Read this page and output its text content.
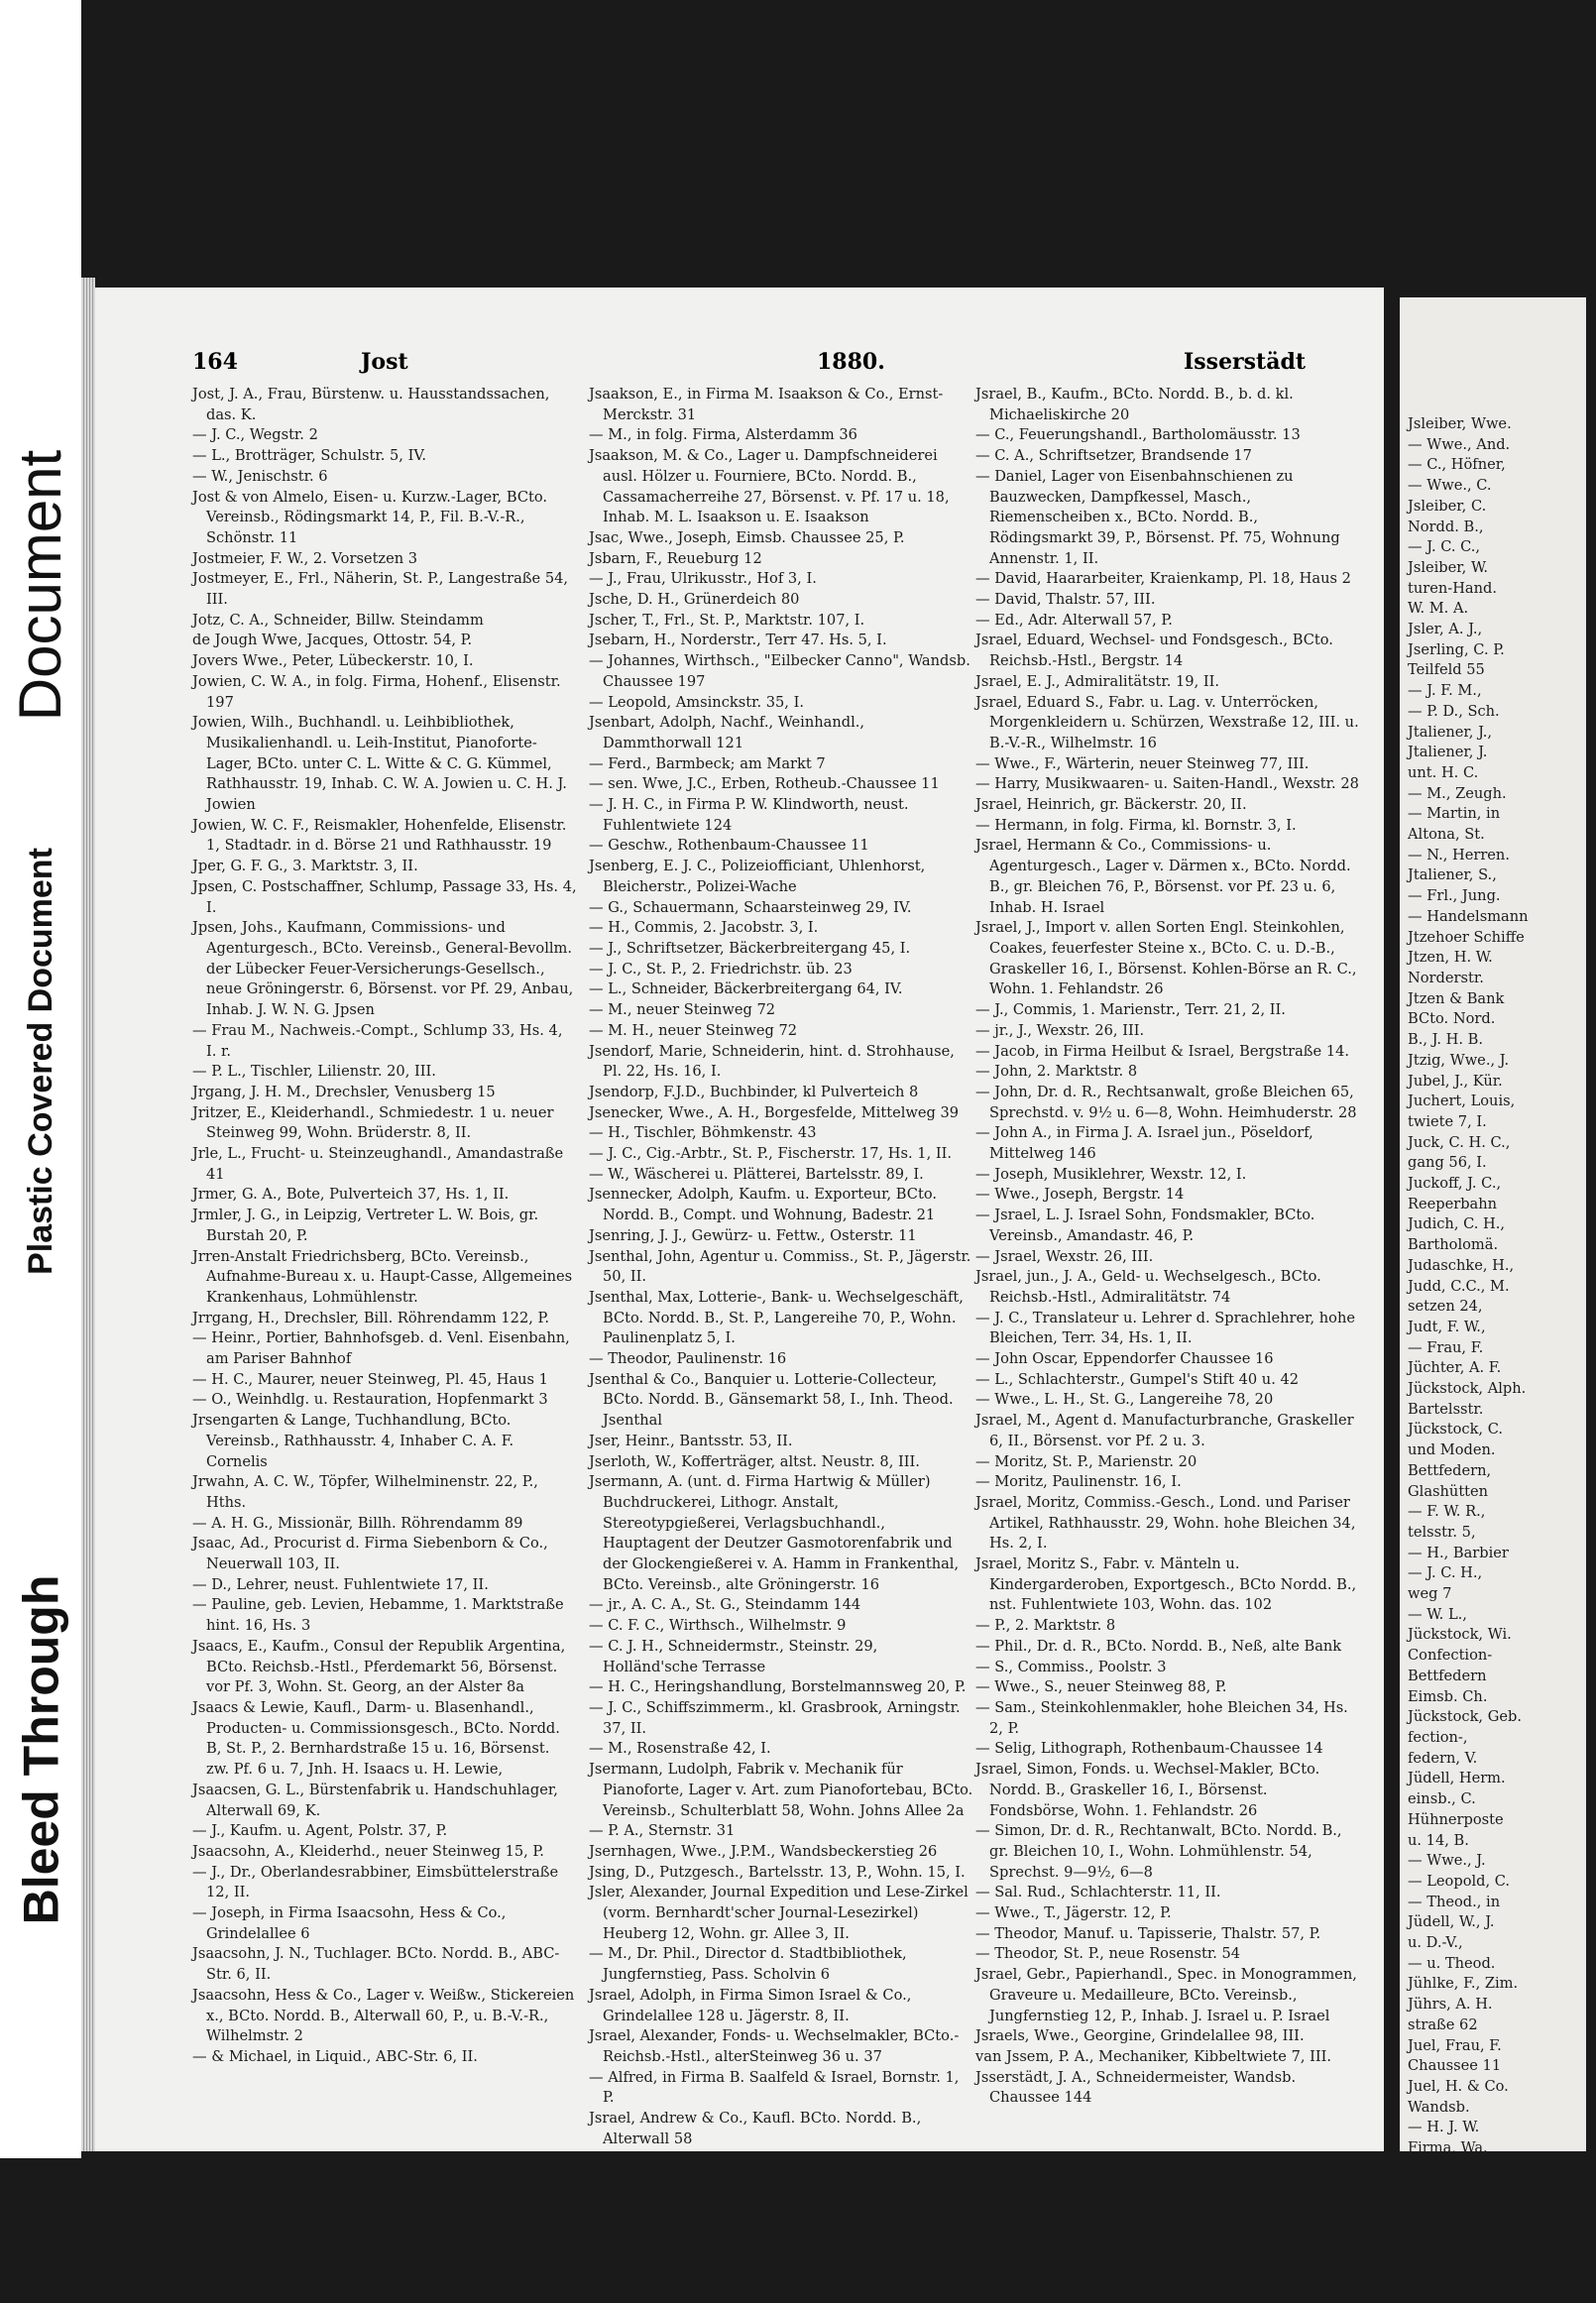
Bleed Through
Plastic Covered Document
Document
164	Jost	1880.	Isserstädt

Jost, J. A., Frau, Bürstenw. u. Hausstandssachen, das. K.

— J. C., Wegstr. 2

— L., Brotträger, Schulstr. 5, IV.

— W., Jenischstr. 6

Jost & von Almelo, Eisen- u. Kurzw.-Lager, BCto. Vereinsb., Rödingsmarkt 14, P., Fil. B.-V.-R., Schönstr. 11

Jostmeier, F. W., 2. Vorsetzen 3

Jostmeyer, E., Frl., Näherin, St. P., Langestraße 54, III.

Jotz, C. A., Schneider, Billw. Steindamm

de Jough Wwe, Jacques, Ottostr. 54, P.

Jovers Wwe., Peter, Lübeckerstr. 10, I.

Jowien, C. W. A., in folg. Firma, Hohenf., Elisenstr. 197

Jowien, Wilh., Buchhandl. u. Leihbibliothek, Musikalienhandl. u. Leih-Institut, Pianoforte-Lager, BCto. unter C. L. Witte & C. G. Kümmel, Rathhausstr. 19, Inhab. C. W. A. Jowien u. C. H. J. Jowien

Jowien, W. C. F., Reismakler, Hohenfelde, Elisenstr. 1, Stadtadr. in d. Börse 21 und Rathhausstr. 19

Jper, G. F. G., 3. Marktstr. 3, II.

Jpsen, C. Postschaffner, Schlump, Passage 33, Hs. 4, I.

Jpsen, Johs., Kaufmann, Commissions- und Agenturgesch., BCto. Vereinsb., General-Bevollm. der Lübecker Feuer-Versicherungs-Gesellsch., neue Gröningerstr. 6, Börsenst. vor Pf. 29, Anbau, Inhab. J. W. N. G. Jpsen

— Frau M., Nachweis.-Compt., Schlump 33, Hs. 4, I. r.

— P. L., Tischler, Lilienstr. 20, III.

Jrgang, J. H. M., Drechsler, Venusberg 15

Jritzer, E., Kleiderhandl., Schmiedestr. 1 u. neuer Steinweg 99, Wohn. Brüderstr. 8, II.

Jrle, L., Frucht- u. Steinzeughandl., Amandastraße 41

Jrmer, G. A., Bote, Pulverteich 37, Hs. 1, II.

Jrmler, J. G., in Leipzig, Vertreter L. W. Bois, gr. Burstah 20, P.

Jrren-Anstalt Friedrichsberg, BCto. Vereinsb., Aufnahme-Bureau x. u. Haupt-Casse, Allgemeines Krankenhaus, Lohmühlenstr.

Jrrgang, H., Drechsler, Bill. Röhrendamm 122, P.

— Heinr., Portier, Bahnhofsgeb. d. Venl. Eisenbahn, am Pariser Bahnhof

— H. C., Maurer, neuer Steinweg, Pl. 45, Haus 1

— O., Weinhdlg. u. Restauration, Hopfenmarkt 3

Jrsengarten & Lange, Tuchhandlung, BCto. Vereinsb., Rathhausstr. 4, Inhaber C. A. F. Cornelis

Jrwahn, A. C. W., Töpfer, Wilhelminenstr. 22, P., Hths.

— A. H. G., Missionär, Billh. Röhrendamm 89

Jsaac, Ad., Procurist d. Firma Siebenborn & Co., Neuerwall 103, II.

— D., Lehrer, neust. Fuhlentwiete 17, II.

— Pauline, geb. Levien, Hebamme, 1. Marktstraße hint. 16, Hs. 3

Jsaacs, E., Kaufm., Consul der Republik Argentina, BCto. Reichsb.-Hstl., Pferdemarkt 56, Börsenst. vor Pf. 3, Wohn. St. Georg, an der Alster 8a

Jsaacs & Lewie, Kaufl., Darm- u. Blasenhandl., Producten- u. Commissionsgesch., BCto. Nordd. B, St. P., 2. Bernhardstraße 15 u. 16, Börsenst. zw. Pf. 6 u. 7, Jnh. H. Isaacs u. H. Lewie,

Jsaacsen, G. L., Bürstenfabrik u. Handschuhlager, Alterwall 69, K.

— J., Kaufm. u. Agent, Polstr. 37, P.

Jsaacsohn, A., Kleiderhd., neuer Steinweg 15, P.

— J., Dr., Oberlandesrabbiner, Eimsbüttelerstraße 12, II.

— Joseph, in Firma Isaacsohn, Hess & Co., Grindelallee 6

Jsaacsohn, J. N., Tuchlager. BCto. Nordd. B., ABC-Str. 6, II.

Jsaacsohn, Hess & Co., Lager v. Weißw., Stickereien x., BCto. Nordd. B., Alterwall 60, P., u. B.-V.-R., Wilhelmstr. 2

— & Michael, in Liquid., ABC-Str. 6, II.

Jsaakson, E., in Firma M. Isaakson & Co., Ernst-Merckstr. 31

— M., in folg. Firma, Alsterdamm 36

Jsaakson, M. & Co., Lager u. Dampfschneiderei ausl. Hölzer u. Fourniere, BCto. Nordd. B., Cassamacherreihe 27, Börsenst. v. Pf. 17 u. 18, Inhab. M. L. Isaakson u. E. Isaakson

Jsac, Wwe., Joseph, Eimsb. Chaussee 25, P.

Jsbarn, F., Reueburg 12

— J., Frau, Ulrikusstr., Hof 3, I.

Jsche, D. H., Grünerdeich 80

Jscher, T., Frl., St. P., Marktstr. 107, I.

Jsebarn, H., Norderstr., Terr 47. Hs. 5, I.

— Johannes, Wirthsch., "Eilbecker Canno", Wandsb. Chaussee 197

— Leopold, Amsinckstr. 35, I.

Jsenbart, Adolph, Nachf., Weinhandl., Dammthorwall 121

— Ferd., Barmbeck; am Markt 7

— sen. Wwe, J.C., Erben, Rotheub.-Chaussee 11

— J. H. C., in Firma P. W. Klindworth, neust. Fuhlentwiete 124

— Geschw., Rothenbaum-Chaussee 11

Jsenberg, E. J. C., Polizeiofficiant, Uhlenhorst, Bleicherstr., Polizei-Wache

— G., Schauermann, Schaarsteinweg 29, IV.

— H., Commis, 2. Jacobstr. 3, I.

— J., Schriftsetzer, Bäckerbreitergang 45, I.

— J. C., St. P., 2. Friedrichstr. üb. 23

— L., Schneider, Bäckerbreitergang 64, IV.

— M., neuer Steinweg 72

— M. H., neuer Steinweg 72

Jsendorf, Marie, Schneiderin, hint. d. Strohhause, Pl. 22, Hs. 16, I.

Jsendorp, F.J.D., Buchbinder, kl Pulverteich 8

Jsenecker, Wwe., A. H., Borgesfelde, Mittelweg 39

— H., Tischler, Böhmkenstr. 43

— J. C., Cig.-Arbtr., St. P., Fischerstr. 17, Hs. 1, II.

— W., Wäscherei u. Plätterei, Bartelsstr. 89, I.

Jsennecker, Adolph, Kaufm. u. Exporteur, BCto. Nordd. B., Compt. und Wohnung, Badestr. 21

Jsenring, J. J., Gewürz- u. Fettw., Osterstr. 11

Jsenthal, John, Agentur u. Commiss., St. P., Jägerstr. 50, II.

Jsenthal, Max, Lotterie-, Bank- u. Wechselgeschäft, BCto. Nordd. B., St. P., Langereihe 70, P., Wohn. Paulinenplatz 5, I.

— Theodor, Paulinenstr. 16

Jsenthal & Co., Banquier u. Lotterie-Collecteur, BCto. Nordd. B., Gänsemarkt 58, I., Inh. Theod. Jsenthal

Jser, Heinr., Bantsstr. 53, II.

Jserloth, W., Kofferträger, altst. Neustr. 8, III.

Jsermann, A. (unt. d. Firma Hartwig & Müller) Buchdruckerei, Lithogr. Anstalt, Stereotypgießerei, Verlagsbuchhandl., Hauptagent der Deutzer Gasmotorenfabrik und der Glockengießerei v. A. Hamm in Frankenthal, BCto. Vereinsb., alte Gröningerstr. 16

— jr., A. C. A., St. G., Steindamm 144

— C. F. C., Wirthsch., Wilhelmstr. 9

— C. J. H., Schneidermstr., Steinstr. 29, Holländ'sche Terrasse

— H. C., Heringshandlung, Borstelmannsweg 20, P.

— J. C., Schiffszimmerm., kl. Grasbrook, Arningstr. 37, II.

— M., Rosenstraße 42, I.

Jsermann, Ludolph, Fabrik v. Mechanik für Pianoforte, Lager v. Art. zum Pianofortebau, BCto. Vereinsb., Schulterblatt 58, Wohn. Johns Allee 2a

— P. A., Sternstr. 31

Jsernhagen, Wwe., J.P.M., Wandsbeckerstieg 26

Jsing, D., Putzgesch., Bartelsstr. 13, P., Wohn. 15, I.

Jsler, Alexander, Journal Expedition und Lese-Zirkel (vorm. Bernhardt'scher Journal-Lesezirkel) Heuberg 12, Wohn. gr. Allee 3, II.

— M., Dr. Phil., Director d. Stadtbibliothek, Jungfernstieg, Pass. Scholvin 6

Jsrael, Adolph, in Firma Simon Israel & Co., Grindelallee 128 u. Jägerstr. 8, II.

Jsrael, Alexander, Fonds- u. Wechselmakler, BCto.-Reichsb.-Hstl., alterSteinweg 36 u. 37

— Alfred, in Firma B. Saalfeld & Israel, Bornstr. 1, P.

Jsrael, Andrew & Co., Kaufl. BCto. Nordd. B., Alterwall 58

Jsrael, B., Kaufm., BCto. Nordd. B., b. d. kl. Michaeliskirche 20

— C., Feuerungshandl., Bartholomäusstr. 13

— C. A., Schriftsetzer, Brandsende 17

— Daniel, Lager von Eisenbahnschienen zu Bauzwecken, Dampfkessel, Masch., Riemenscheiben x., BCto. Nordd. B., Rödingsmarkt 39, P., Börsenst. Pf. 75, Wohnung Annenstr. 1, II.

— David, Haararbeiter, Kraienkamp, Pl. 18, Haus 2

— David, Thalstr. 57, III.

— Ed., Adr. Alterwall 57, P.

Jsrael, Eduard, Wechsel- und Fondsgesch., BCto. Reichsb.-Hstl., Bergstr. 14

Jsrael, E. J., Admiralitätstr. 19, II.

Jsrael, Eduard S., Fabr. u. Lag. v. Unterröcken, Morgenkleidern u. Schürzen, Wexstraße 12, III. u. B.-V.-R., Wilhelmstr. 16

— Wwe., F., Wärterin, neuer Steinweg 77, III.

— Harry, Musikwaaren- u. Saiten-Handl., Wexstr. 28

Jsrael, Heinrich, gr. Bäckerstr. 20, II.

— Hermann, in folg. Firma, kl. Bornstr. 3, I.

Jsrael, Hermann & Co., Commissions- u. Agenturgesch., Lager v. Därmen x., BCto. Nordd. B., gr. Bleichen 76, P., Börsenst. vor Pf. 23 u. 6, Inhab. H. Israel

Jsrael, J., Import v. allen Sorten Engl. Steinkohlen, Coakes, feuerfester Steine x., BCto. C. u. D.-B., Graskeller 16, I., Börsenst. Kohlen-Börse an R. C., Wohn. 1. Fehlandstr. 26

— J., Commis, 1. Marienstr., Terr. 21, 2, II.

— jr., J., Wexstr. 26, III.

— Jacob, in Firma Heilbut & Israel, Bergstraße 14.

— John, 2. Marktstr. 8

— John, Dr. d. R., Rechtsanwalt, große Bleichen 65, Sprechstd. v. 9½ u. 6—8, Wohn. Heimhuderstr. 28

— John A., in Firma J. A. Israel jun., Pöseldorf, Mittelweg 146

— Joseph, Musiklehrer, Wexstr. 12, I.

— Wwe., Joseph, Bergstr. 14

— Jsrael, L. J. Israel Sohn, Fondsmakler, BCto. Vereinsb., Amandastr. 46, P.

— Jsrael, Wexstr. 26, III.

Jsrael, jun., J. A., Geld- u. Wechselgesch., BCto. Reichsb.-Hstl., Admiralitätstr. 74

— J. C., Translateur u. Lehrer d. Sprachlehrer, hohe Bleichen, Terr. 34, Hs. 1, II.

— John Oscar, Eppendorfer Chaussee 16

— L., Schlachterstr., Gumpel's Stift 40 u. 42

— Wwe., L. H., St. G., Langereihe 78, 20

Jsrael, M., Agent d. Manufacturbranche, Graskeller 6, II., Börsenst. vor Pf. 2 u. 3.

— Moritz, St. P., Marienstr. 20

— Moritz, Paulinenstr. 16, I.

Jsrael, Moritz, Commiss.-Gesch., Lond. und Pariser Artikel, Rathhausstr. 29, Wohn. hohe Bleichen 34, Hs. 2, I.

Jsrael, Moritz S., Fabr. v. Mänteln u. Kindergarderoben, Exportgesch., BCto Nordd. B., nst. Fuhlentwiete 103, Wohn. das. 102

— P., 2. Marktstr. 8

— Phil., Dr. d. R., BCto. Nordd. B., Neß, alte Bank

— S., Commiss., Poolstr. 3

— Wwe., S., neuer Steinweg 88, P.

— Sam., Steinkohlenmakler, hohe Bleichen 34, Hs. 2, P.

— Selig, Lithograph, Rothenbaum-Chaussee 14

Jsrael, Simon, Fonds. u. Wechsel-Makler, BCto. Nordd. B., Graskeller 16, I., Börsenst. Fondsbörse, Wohn. 1. Fehlandstr. 26

— Simon, Dr. d. R., Rechtanwalt, BCto. Nordd. B., gr. Bleichen 10, I., Wohn. Lohmühlenstr. 54, Sprechst. 9—9½, 6—8

— Sal. Rud., Schlachterstr. 11, II.

— Wwe., T., Jägerstr. 12, P.

— Theodor, Manuf. u. Tapisserie, Thalstr. 57, P.

— Theodor, St. P., neue Rosenstr. 54

Jsrael, Gebr., Papierhandl., Spec. in Monogrammen, Graveure u. Medailleure, BCto. Vereinsb., Jungfernstieg 12, P., Inhab. J. Israel u. P. Israel

Jsraels, Wwe., Georgine, Grindelallee 98, III.

van Jssem, P. A., Mechaniker, Kibbeltwiete 7, III.

Jsserstädt, J. A., Schneidermeister, Wandsb. Chaussee 144

Jsleiber, Wwe.

— Wwe., And.

— C., Höfner,

— Wwe., C.

Jsleiber, C.

Nordd. B.,

— J. C. C.,

Jsleiber, W.

turen-Hand.

W. M. A.

Jsler, A. J.,

Jserling, C. P.

Teilfeld 55

— J. F. M.,

— P. D., Sch.

Jtaliener, J.,

Jtaliener, J.

unt. H. C.

— M., Zeugh.

— Martin, in

Altona, St.

— N., Herren.

Jtaliener, S.,

— Frl., Jung.

— Handelsmann

Jtzehoer Schiffe

Jtzen, H. W.

Norderstr.

Jtzen & Bank

BCto. Nord.

B., J. H. B.

Jtzig, Wwe., J.

Jubel, J., Kür.

Juchert, Louis,

twiete 7, I.

Juck, C. H. C.,

gang 56, I.

Juckoff, J. C.,

Reeperbahn

Judich, C. H.,

Bartholomä.

Judaschke, H.,

Judd, C.C., M.

setzen 24,

Judt, F. W.,

— Frau, F.

Jüchter, A. F.

Jückstock, Alph.

Bartelsstr.

Jückstock, C.

und Moden.

Bettfedern,

Glashütten

— F. W. R.,

telsstr. 5,

— H., Barbier

— J. C. H.,

weg 7

— W. L.,

Jückstock, Wi.

Confection-

Bettfedern

Eimsb. Ch.

Jückstock, Geb.

fection-,

federn, V.

Jüdell, Herm.

einsb., C.

Hühnerposte

u. 14, B.

— Wwe., J.

— Leopold, C.

— Theod., in

Jüdell, W., J.

u. D.-V.,

— u. Theod.

Jühlke, F., Zim.

Jührs, A. H.

straße 62

Juel, Frau, F.

Chaussee 11

Juel, H. & Co.

Wandsb.

— H. J. W.

Firma, Wa.

Jüncke, C. W.,

— F. A., in

Jüng, J. G. Ch.

Jünger, August

— jun., C. J.

hof 22

Jüngling, C., P.
